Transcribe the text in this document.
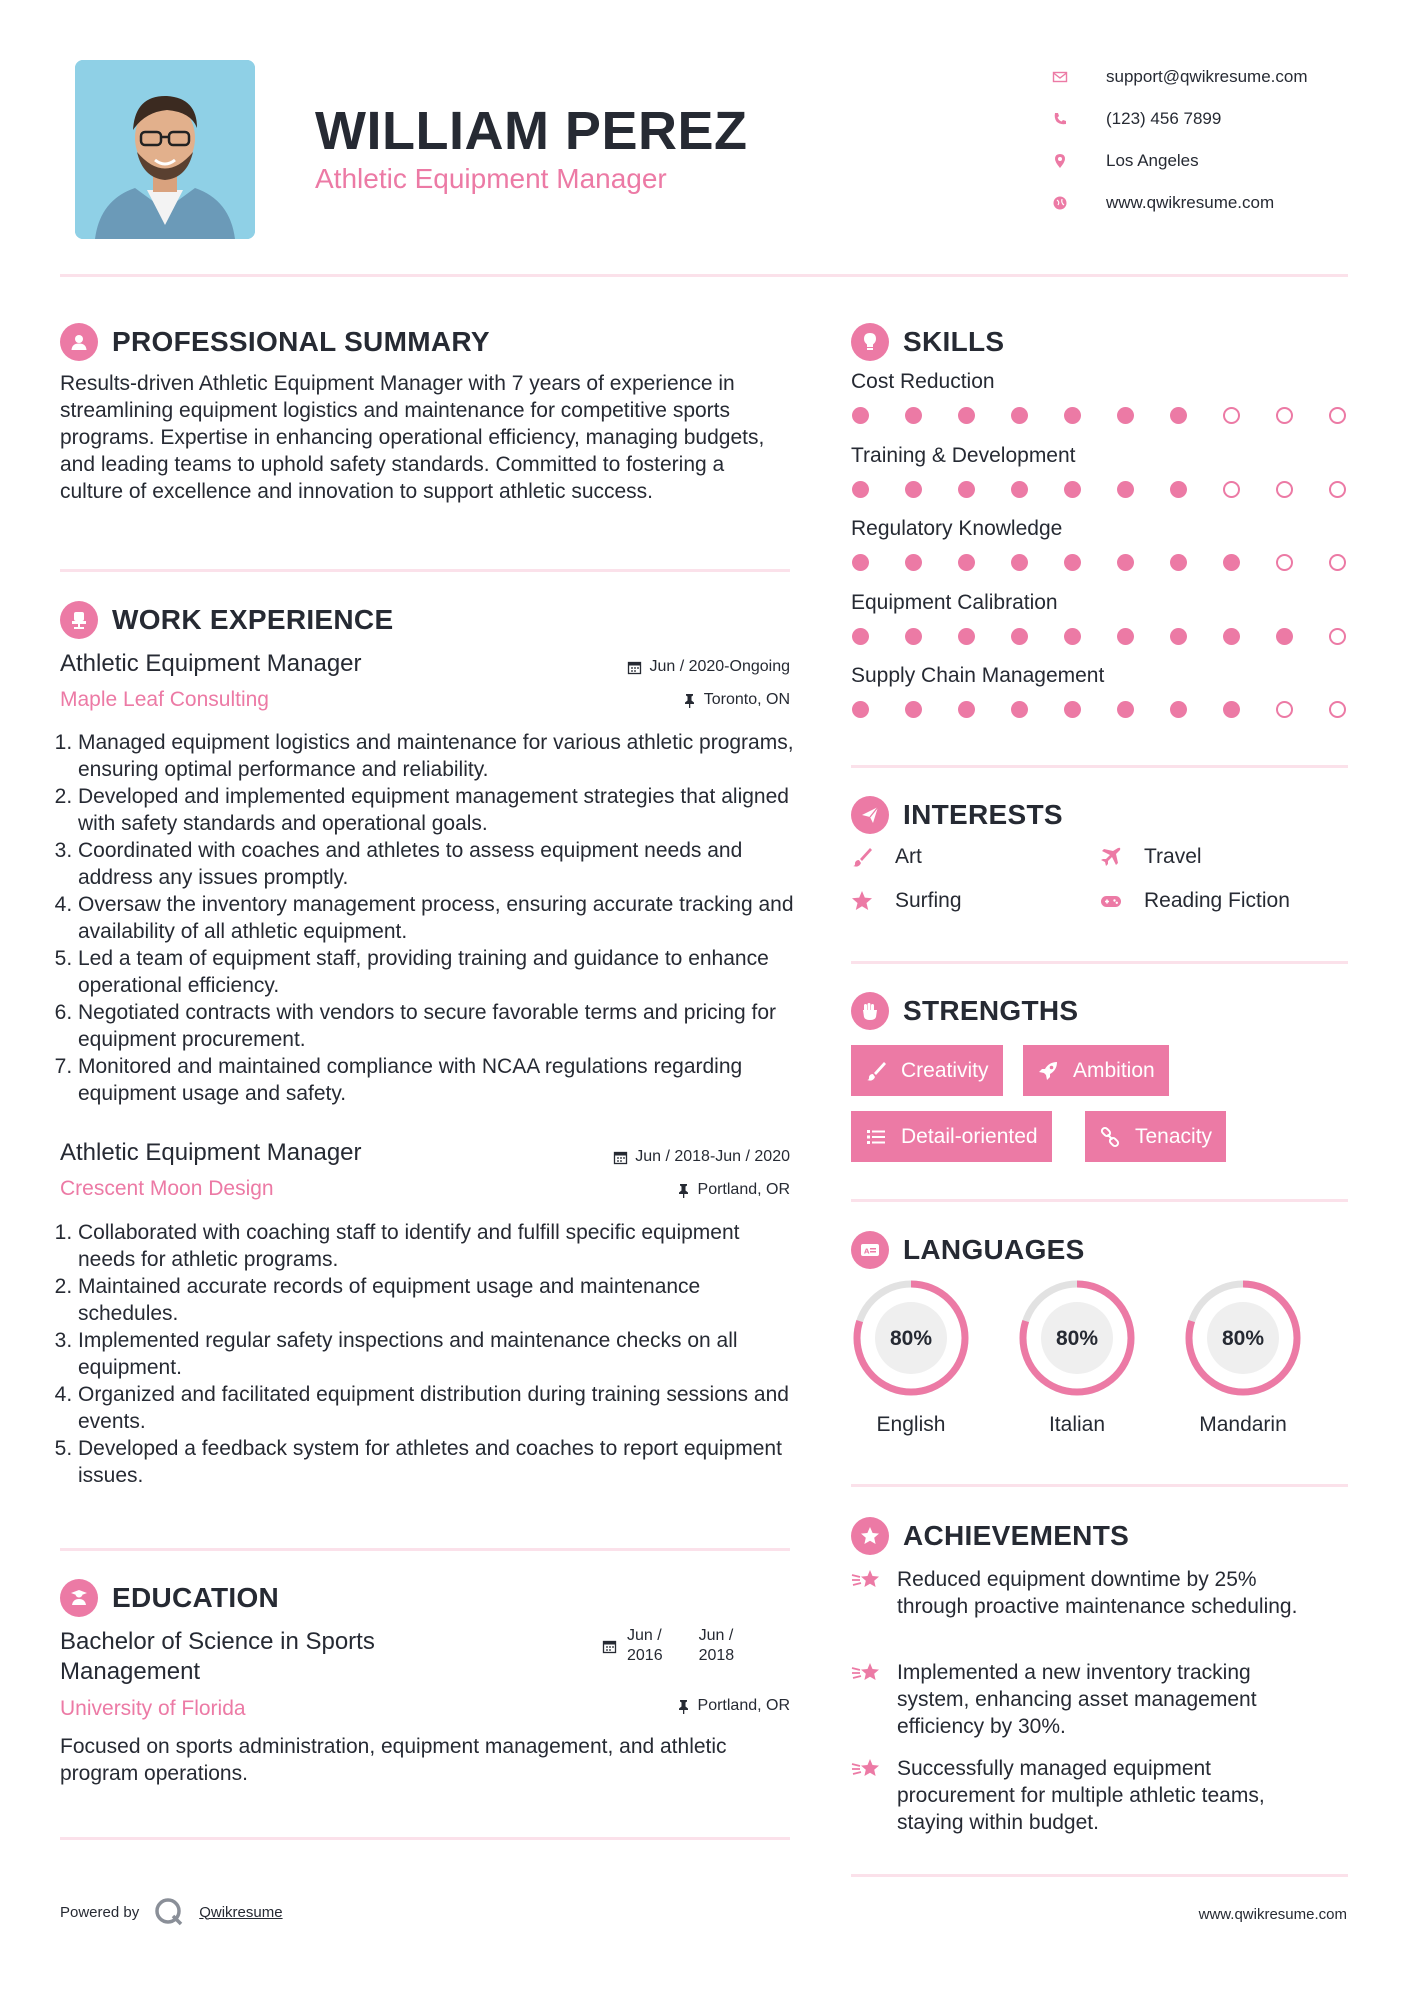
WILLIAM PEREZ
Athletic Equipment Manager
support@qwikresume.com
(123) 456 7899
Los Angeles
www.qwikresume.com
PROFESSIONAL SUMMARY
Results-driven Athletic Equipment Manager with 7 years of experience in streamlining equipment logistics and maintenance for competitive sports programs. Expertise in enhancing operational efficiency, managing budgets, and leading teams to uphold safety standards. Committed to fostering a culture of excellence and innovation to support athletic success.
WORK EXPERIENCE
Athletic Equipment Manager
Maple Leaf Consulting
Jun / 2020-Ongoing
Toronto, ON
1. Managed equipment logistics and maintenance for various athletic programs, ensuring optimal performance and reliability.
2. Developed and implemented equipment management strategies that aligned with safety standards and operational goals.
3. Coordinated with coaches and athletes to assess equipment needs and address any issues promptly.
4. Oversaw the inventory management process, ensuring accurate tracking and availability of all athletic equipment.
5. Led a team of equipment staff, providing training and guidance to enhance operational efficiency.
6. Negotiated contracts with vendors to secure favorable terms and pricing for equipment procurement.
7. Monitored and maintained compliance with NCAA regulations regarding equipment usage and safety.
Athletic Equipment Manager
Crescent Moon Design
Jun / 2018-Jun / 2020
Portland, OR
1. Collaborated with coaching staff to identify and fulfill specific equipment needs for athletic programs.
2. Maintained accurate records of equipment usage and maintenance schedules.
3. Implemented regular safety inspections and maintenance checks on all equipment.
4. Organized and facilitated equipment distribution during training sessions and events.
5. Developed a feedback system for athletes and coaches to report equipment issues.
EDUCATION
Bachelor of Science in Sports
Management
University of Florida
Jun /
2016
Jun /
2018
Portland, OR
Focused on sports administration, equipment management, and athletic program operations.
SKILLS
Cost Reduction
Training & Development
Regulatory Knowledge
Equipment Calibration
Supply Chain Management
INTERESTS
Art	Travel
Surfing	Reading Fiction
STRENGTHS
Creativity	Ambition
Detail-oriented	Tenacity
A LANGUAGES
80%
English
80%
Italian
80%
Mandarin
ACHIEVEMENTS
Reduced equipment downtime by 25% through proactive maintenance scheduling.
Implemented a new inventory tracking system, enhancing asset management efficiency by 30%.
Successfully managed equipment procurement for multiple athletic teams, staying within budget.
Powered by	Qwikresume	www.qwikresume.com
